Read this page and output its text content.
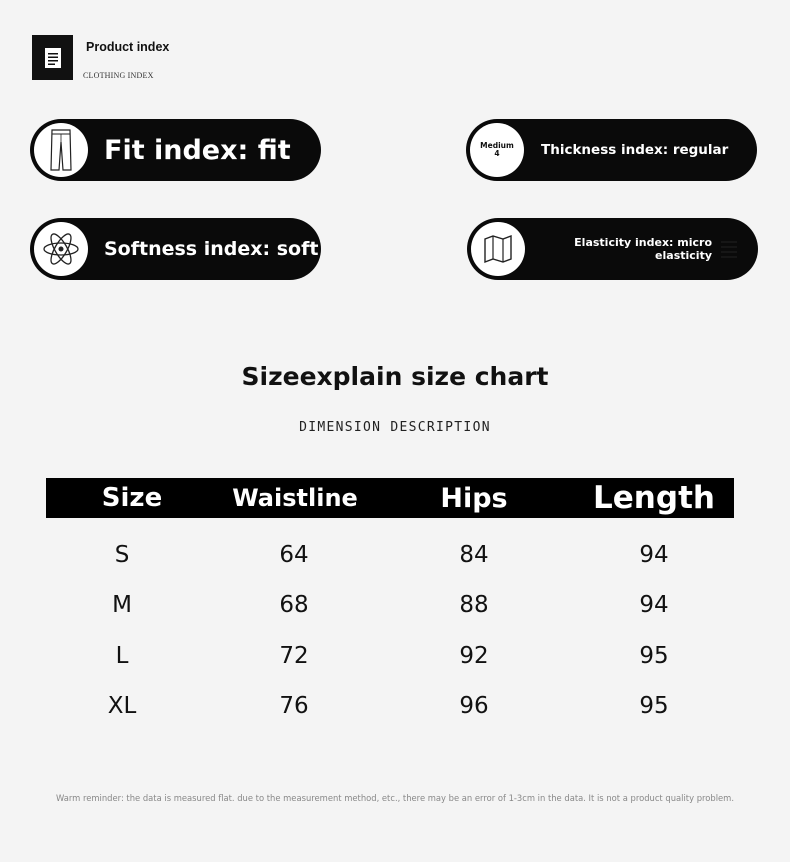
Product index
CLOTHING INDEX
Fit index: fit	Medium
4	Thickness index: regular
Softness index: soft	Elasticity index: micro elasticity
Sizeexplain size chart
DIMENSION DESCRIPTION
Size	Waistline	Hips	Length
S	64	84	94
M	68	88	94
L	72	92	95
XL	76	96	95
Warm reminder: the data is measured flat. due to the measurement method, etc., there may be an error of 1-3cm in the data. It is not a product quality problem.
